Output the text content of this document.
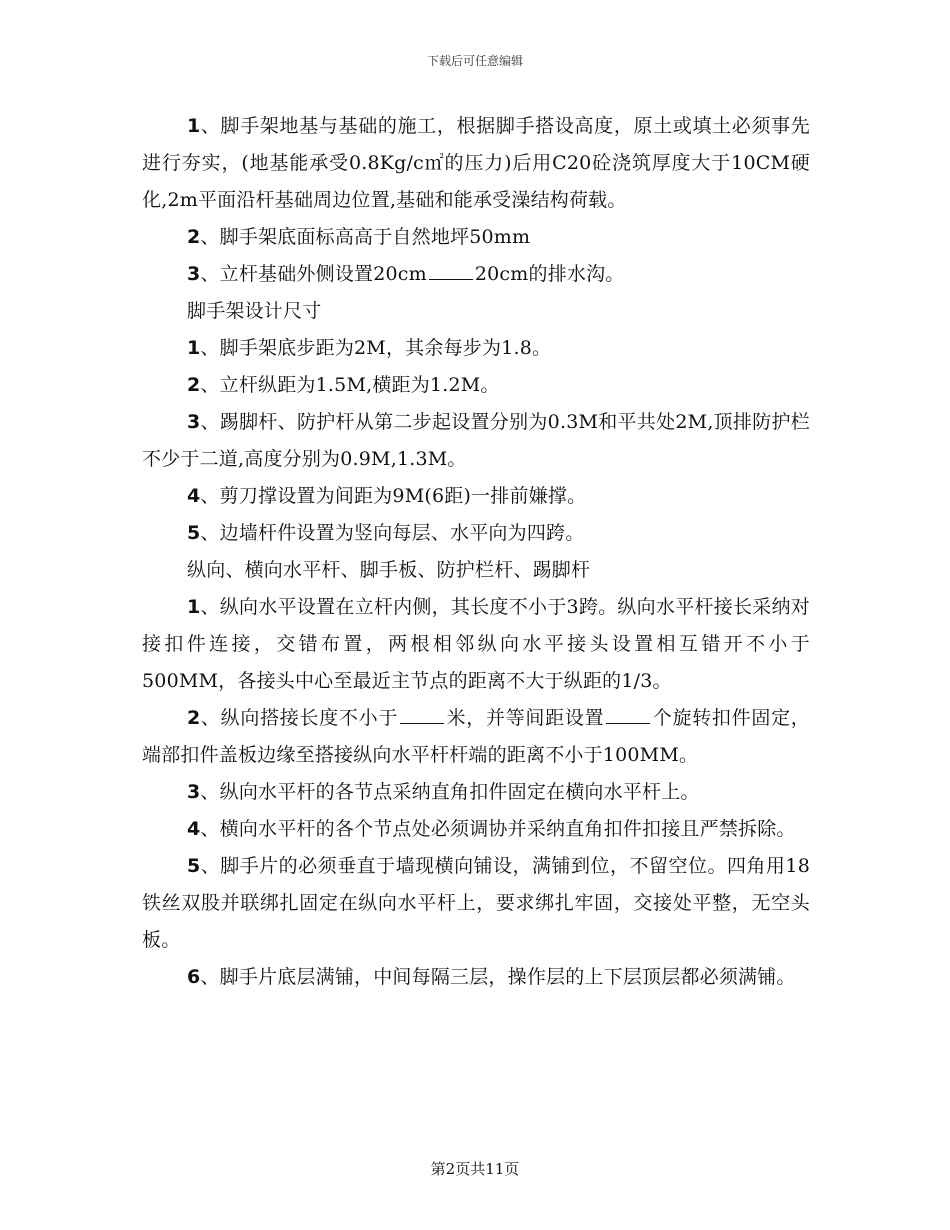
下载后可任意编辑

1、脚手架地基与基础的施工，根据脚手搭设高度，原土或填土必须事先进行夯实，(地基能承受0.8Kg/c㎡的压力)后用C20砼浇筑厚度大于10CM硬化,2m平面沿杆基础周边位置,基础和能承受澡结构荷载。

2、脚手架底面标高高于自然地坪50mm

3、立杆基础外侧设置20cm	20cm的排水沟。

脚手架设计尺寸

1、脚手架底步距为2M，其余每步为1.8。

2、立杆纵距为1.5M,横距为1.2M。

3、踢脚杆、防护杆从第二步起设置分别为0.3M和平共处2M,顶排防护栏不少于二道,高度分别为0.9M,1.3M。

4、剪刀撑设置为间距为9M(6距)一排前嫌撑。

5、边墙杆件设置为竖向每层、水平向为四跨。

纵向、横向水平杆、脚手板、防护栏杆、踢脚杆

1、纵向水平设置在立杆内侧，其长度不小于3跨。纵向水平杆接长采纳对接扣件连接，交错布置，两根相邻纵向水平接头设置相互错开不小于500MM，各接头中心至最近主节点的距离不大于纵距的1/3。

2、纵向搭接长度不小于	米，并等间距设置	个旋转扣件固定，端部扣件盖板边缘至搭接纵向水平杆杆端的距离不小于100MM。

3、纵向水平杆的各节点采纳直角扣件固定在横向水平杆上。

4、横向水平杆的各个节点处必须调协并采纳直角扣件扣接且严禁拆除。

5、脚手片的必须垂直于墙现横向铺设，满铺到位，不留空位。四角用18铁丝双股并联绑扎固定在纵向水平杆上，要求绑扎牢固，交接处平整，无空头板。

6、脚手片底层满铺，中间每隔三层，操作层的上下层顶层都必须满铺。

第2页共11页
